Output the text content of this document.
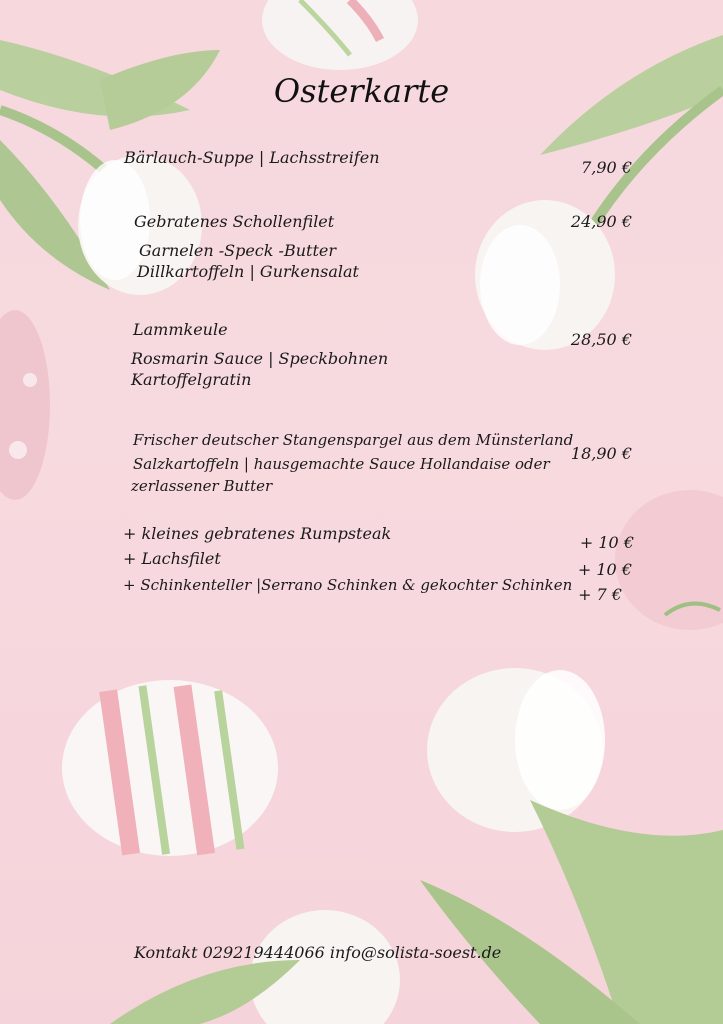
Osterkarte
Bärlauch-Suppe | Lachsstreifen
7,90 €
Gebratenes Schollenfilet
Garnelen -Speck -Butter
Dillkartoffeln | Gurkensalat
24,90 €
Lammkeule
Rosmarin Sauce | Speckbohnen
Kartoffelgratin
28,50 €
Frischer deutscher Stangenspargel aus dem Münsterland
Salzkartoffeln | hausgemachte Sauce Hollandaise oder
zerlassener Butter
18,90 €
+ kleines gebratenes Rumpsteak
+ Lachsfilet
+ Schinkenteller |Serrano Schinken & gekochter Schinken
+ 10 €
+ 10 €
+ 7 €
Kontakt 029219444066 info@solista-soest.de
